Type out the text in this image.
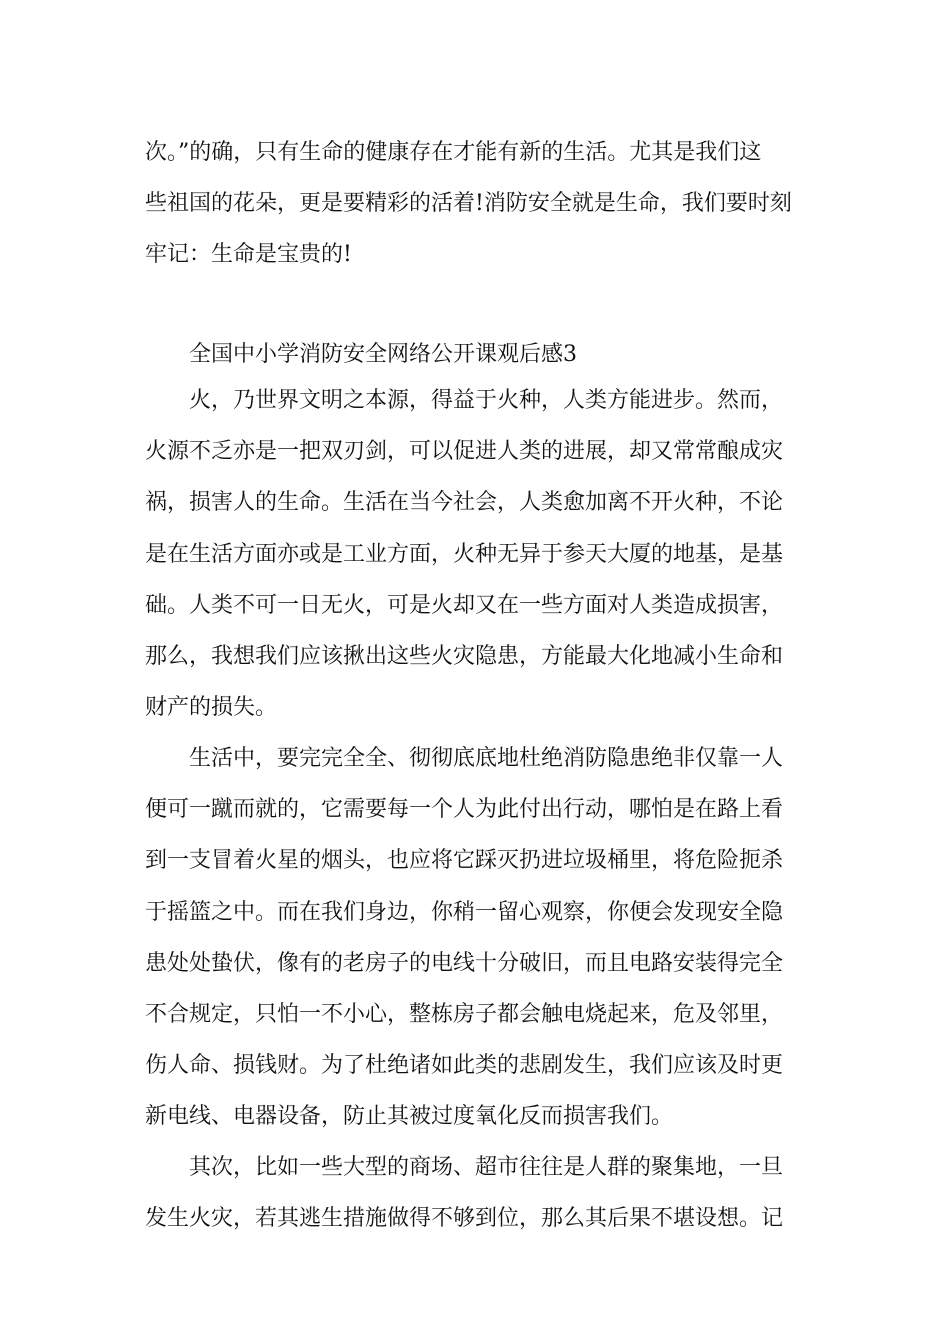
次。”的确，只有生命的健康存在才能有新的生活。尤其是我们这
些祖国的花朵，更是要精彩的活着!消防安全就是生命，我们要时刻
牢记：生命是宝贵的!
全国中小学消防安全网络公开课观后感3
火，乃世界文明之本源，得益于火种，人类方能进步。然而，
火源不乏亦是一把双刃剑，可以促进人类的进展，却又常常酿成灾
祸，损害人的生命。生活在当今社会，人类愈加离不开火种，不论
是在生活方面亦或是工业方面，火种无异于参天大厦的地基，是基
础。人类不可一日无火，可是火却又在一些方面对人类造成损害，
那么，我想我们应该揪出这些火灾隐患，方能最大化地减小生命和
财产的损失。
生活中，要完完全全、彻彻底底地杜绝消防隐患绝非仅靠一人
便可一蹴而就的，它需要每一个人为此付出行动，哪怕是在路上看
到一支冒着火星的烟头，也应将它踩灭扔进垃圾桶里，将危险扼杀
于摇篮之中。而在我们身边，你稍一留心观察，你便会发现安全隐
患处处蛰伏，像有的老房子的电线十分破旧，而且电路安装得完全
不合规定，只怕一不小心，整栋房子都会触电烧起来，危及邻里，
伤人命、损钱财。为了杜绝诸如此类的悲剧发生，我们应该及时更
新电线、电器设备，防止其被过度氧化反而损害我们。
其次，比如一些大型的商场、超市往往是人群的聚集地，一旦
发生火灾，若其逃生措施做得不够到位，那么其后果不堪设想。记
